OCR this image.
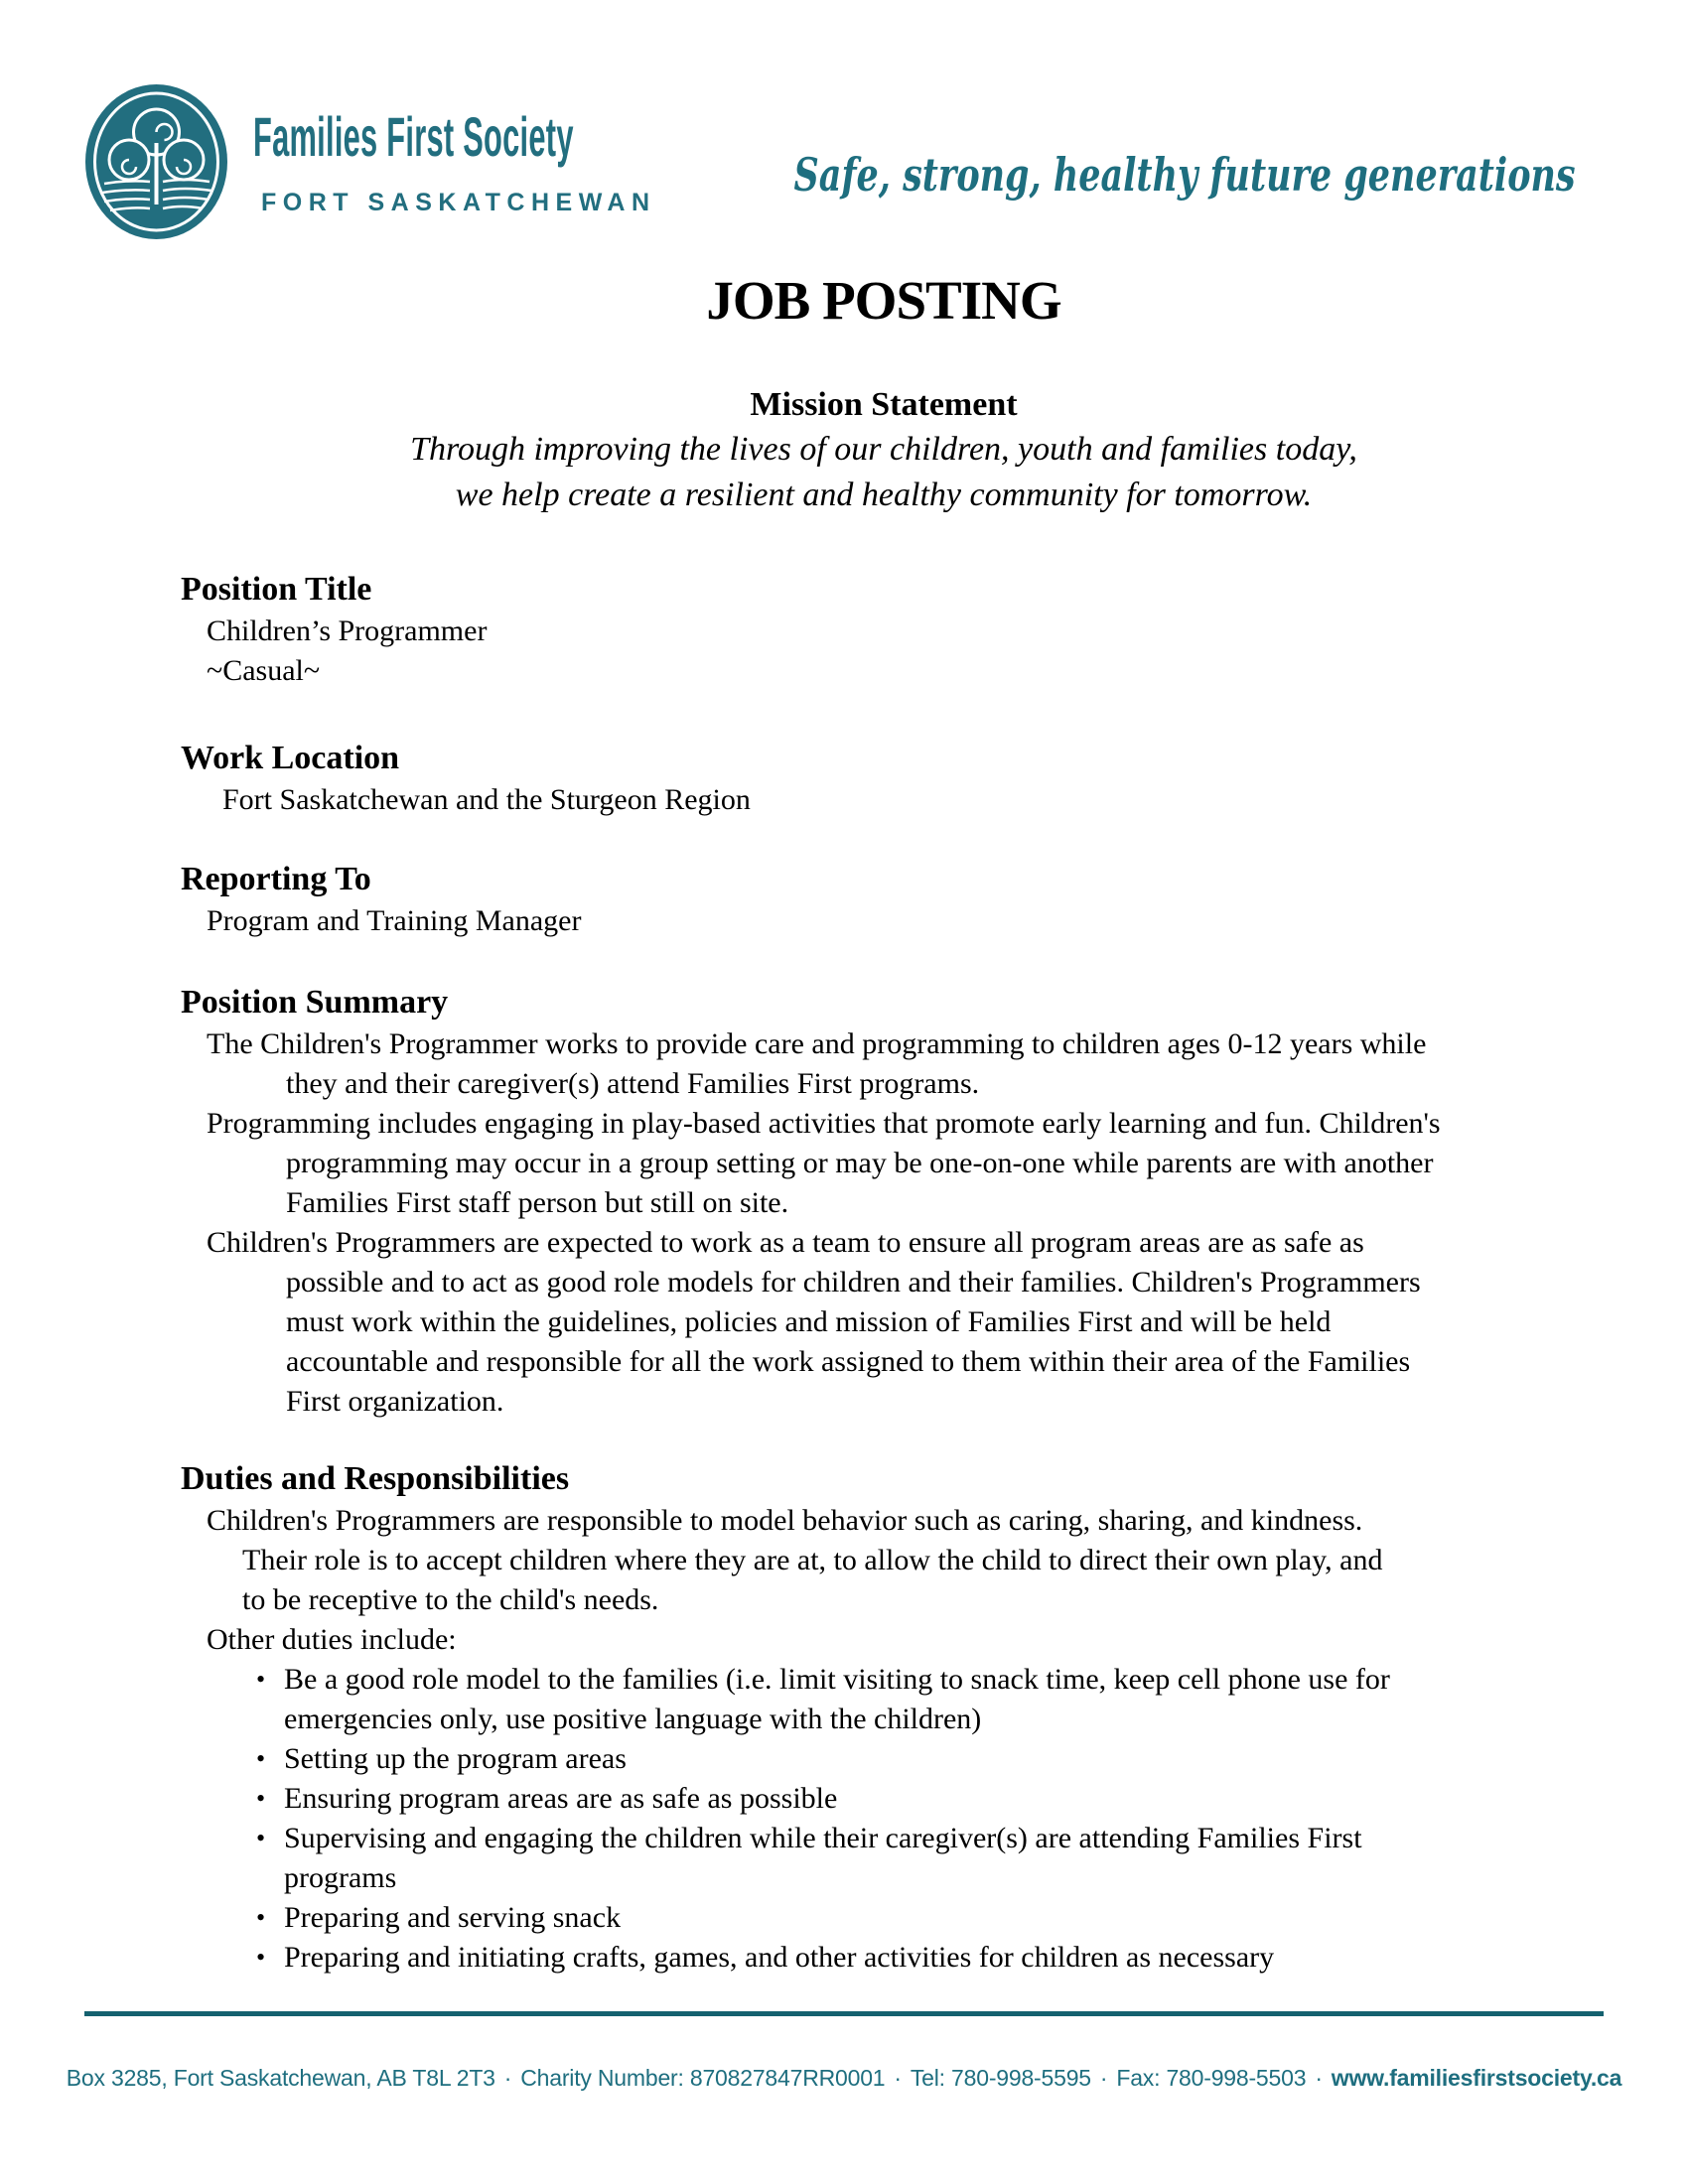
Families First Society
FORT SASKATCHEWAN
Safe, strong, healthy future generations
JOB POSTING
Mission Statement
Through improving the lives of our children, youth and families today,
we help create a resilient and healthy community for tomorrow.
Position Title
Children’s Programmer
~Casual~
Work Location
Fort Saskatchewan and the Sturgeon Region
Reporting To
Program and Training Manager
Position Summary
The Children's Programmer works to provide care and programming to children ages 0-12 years while
they and their caregiver(s) attend Families First programs.
Programming includes engaging in play-based activities that promote early learning and fun. Children's
programming may occur in a group setting or may be one-on-one while parents are with another
Families First staff person but still on site.
Children's Programmers are expected to work as a team to ensure all program areas are as safe as
possible and to act as good role models for children and their families. Children's Programmers
must work within the guidelines, policies and mission of Families First and will be held
accountable and responsible for all the work assigned to them within their area of the Families
First organization.
Duties and Responsibilities
Children's Programmers are responsible to model behavior such as caring, sharing, and kindness.
Their role is to accept children where they are at, to allow the child to direct their own play, and
to be receptive to the child's needs.
Other duties include:
• Be a good role model to the families (i.e. limit visiting to snack time, keep cell phone use for
emergencies only, use positive language with the children)
• Setting up the program areas
• Ensuring program areas are as safe as possible
• Supervising and engaging the children while their caregiver(s) are attending Families First
programs
• Preparing and serving snack
• Preparing and initiating crafts, games, and other activities for children as necessary
Box 3285, Fort Saskatchewan, AB T8L 2T3 · Charity Number: 870827847RR0001 · Tel: 780-998-5595 · Fax: 780-998-5503 · www.familiesfirstsociety.ca
